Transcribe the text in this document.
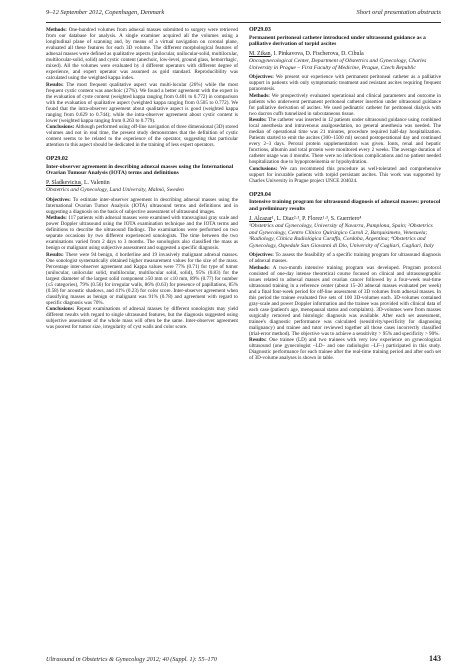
9–12 September 2012, Copenhagen, Denmark	Short oral presentation abstracts

Methods: One-hundred volumes from adnexal masses submitted to surgery were retrieved from our database for analysis. A single examiner acquired all the volumes using a longitudinal plane of scanning and, by means of a virtual navigation on coronal plane, evaluated all these features for each 3D volume. The different morphological features of adnexal masses were defined as qualitative aspects (unilocular, unilocular-solid, multilocular, multilocular-solid, solid) and cystic content (anechoic, low-level, ground glass, hemorrhagic, mixed). All the volumes were evaluated by 4 different operators with different degree of experience, and expert operator was assumed as gold standard. Reproducibility was calculated using the weighted kappa index.

Results: The most frequent qualitative aspect was multi-locular (26%) while the most frequent cystic content was anechoic (27%). We found a better agreement with the expert in the evaluation of cyste content (weighted kappa ranging from 0.401 to 0.772) in comparison with the evaluation of qualitative aspect (weighted kappa ranging from 0.505 to 0.772). We found that the intra-observer agreement about qualitative aspect is good (weighted kappa ranging from 0.629 to 0.744); while the intra-observer agreement about cystic content is lower (weighted kappa ranging from 0.263 to 0.779).

Conclusions: Although performed using off-line navigation of three dimensional (3D) stored volumes and not in real time, the present study demonstrates that the definition of cystic content seems to be related to the experience of the operator, suggesting that particular attention to this aspect should be dedicated in the training of less expert operators.

OP29.02

Inter-observer agreement in describing adnexal masses using the International Ovarian Tumour Analysis (IOTA) terms and definitions

P. Sladkevicius, L. Valentin

Obstetrics and Gynecology, Lund University, Malmö, Sweden

Objectives: To estimate inter-observer agreement in describing adnexal masses using the International Ovarian Tumor Analysis (IOTA) ultrasound terms and definitions and in suggesting a diagnosis on the basis of subjective assessment of ultrasound images.

Methods: 117 patients with adnexal masses were examined with transvaginal gray scale and power Doppler ultrasound using the IOTA examination technique and the IOTA terms and definitions to describe the ultrasound findings. The examinations were performed on two separate occasions by two different experienced sonologists. The time between the two examinations varied from 2 days to 3 months. The sonologists also classified the mass as benign or malignant using subjective assessment and suggested a specific diagnosis.

Results: There were 94 benign, 4 borderline and 19 invasively malignant adnexal masses. One sonologist systematically obtained higher measurement values for the size of the mass. Percentage inter-observer agreement and Kappa values were 77% (0.71) for type of tumor (unilocular, unilocular solid, multilocular, multilocular solid, solid), 95% (0.83) for the largest diameter of the largest solid component ≥50 mm or ≤10 mm, 89% (0.77) for number (≤5 categories), 79% (0.56) for irregular walls, 86% (0.63) for presence of papillations, 85% (0.58) for acoustic shadows, and 41% (0.23) for color score. Inter-observer agreement when classifying masses as benign or malignant was 91% (0.78) and agreement with regard to specific diagnosis was 70%.

Conclusions: Repeat examinations of adnexal masses by different sonologists may yield different results with regard to single ultrasound features, but the diagnosis suggested using subjective assessment of the whole mass will often be the same. Inter-observer agreement was poorest for tumor size, irregularity of cyst walls and color score.

OP29.03

Permanent peritoneal catheter introduced under ultrasound guidance as a palliative derivation of torpid ascites

M. Zikan, I. Pinkavova, D. Fischerova, D. Cibula

Oncogynecological Center, Department of Obstetrics and Gynecology, Charles University in Prague – First Faculty of Medicine, Prague, Czech Republic

Objectives: We present our experience with permanent peritoneal catheter as a palliative support in patients with only symptomatic treatment and resistant ascites requiring frequent paracentesis.

Methods: We prospectively evaluated operational and clinical parameters and outcome in patients who underwent permanent peritoneal catheter insertion under ultrasound guidance for palliative derivation of ascites. We used pedinatric catheter for peritoneal dialysis with two dacron cuffs tunnelized in subcutaneous tissue.

Results: The catheter was inserted in 12 patients under ultrasound guidance using combined local anesthesia and intravenous analgosedation, no general anesthesia was needed. The median of operational time was 21 minutes, procedure required half-day hospitalization. Patients started to emit the ascites (300–1500 ml) second postoperational day and continued every 2–3 days. Peroral protein supplementation was given. Ionts, renal and hepatic functions, albumin and total protein were monitored every 2 weeks. The average duration of catheter usage was 4 months. There were no infectious complications and no patient needed hospitalization due to hypoproteinemia or hypohydration.

Conclusions: We can recommend this procedure as well-tolerated and comprehensive support for incurable patients with torpid persistant ascites. This work was supported by Charles University in Prague project UNCE 204024.

OP29.04

Intensive training program for ultrasound diagnosis of adnexal masses: protocol and preliminary results

J. Alcazar¹, L. Diaz²·³, P. Florez¹·³, S. Guerriero⁴

¹Obstetrics and Gynecology, University of Navarra, Pamplona, Spain; ²Obstetrics and Gynecology, Centro Clínico Quirúrgico Caroli 2, Barquisimeto, Venezuela; ³Radiology, Clínica Radiológica Caraffa, Cordoba, Argentina; ⁴Obstetrics and Gynecology, Ospedale San Giovanni di Dio, University of Cagliari, Cagliari, Italy

Objectives: To assess the feasibility of a specific training program for ultrasound diagnosis of adnexal masses.

Methods: A two-month intensive training program was developed. Program protocol consisted of one-day intense theoretical course focused on clinical and ultrasonographic issues related to adnexal masses and ovarian cancer followed by a four-week real-time ultrasound training in a reference center (about 15–20 adnexal masses evaluated per week) and a final four-week period for off-line assessment of 3D volumes from adnexal masses. In this period the trainee evaluated five sets of 100 3D-volumes each. 3D-volumes contained gray-scale and power Doppler information and the trainee was provided with clinical data of each case (patient's age, menopausal status and complaints). 3D-volumes were from masses surgically removed and histologic diagnosis was available. After each set assessment, trainee's diagnostic performance was calculated (sensitivity/specificity for diagnosing malignancy) and trainee and tutor reviewed together all those cases incorrectly classified (trial-error method). The objective was to achieve a sensitivity > 95% and specificity > 90%.

Results: One trainee (LD) and two trainees with very low experience on gynecological ultrasound (one gynecologist –LD– and one radiologist –LF–) participated in this study. Diagnostic performance for each trainee after the real-time training period and after each set of 3D-volume analyses is shown in table.

Ultrasound in Obstetrics & Gynecology 2012; 40 (Suppl. 1): 55–170	143
